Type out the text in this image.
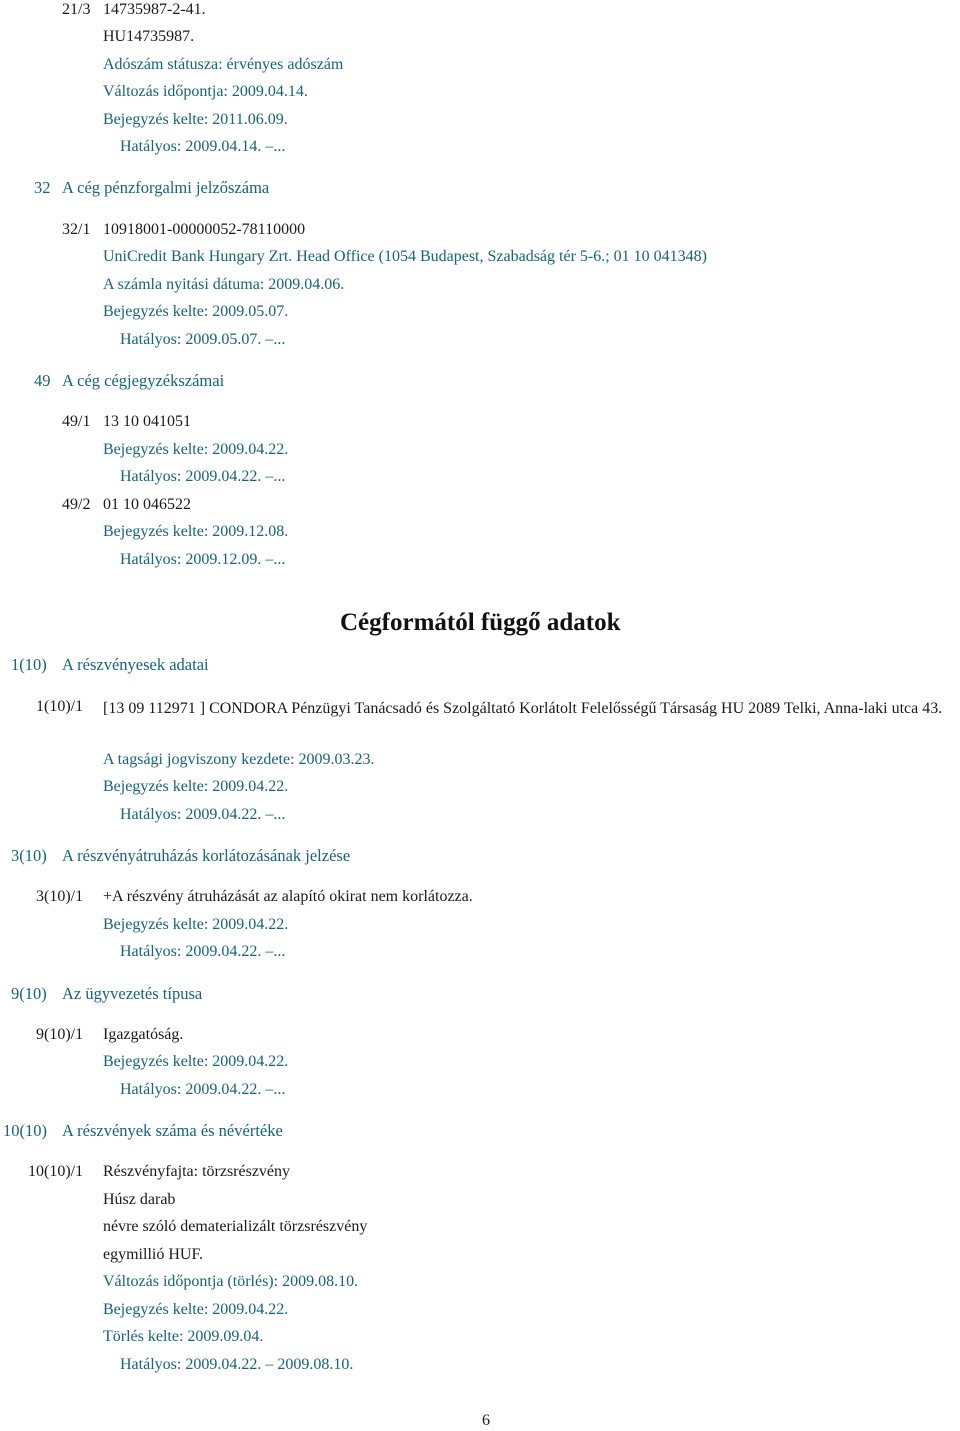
21/3 14735987-2-41.
HU14735987.
Adószám státusza: érvényes adószám
Változás időpontja: 2009.04.14.
Bejegyzés kelte: 2011.06.09.
Hatályos: 2009.04.14. –...
32 A cég pénzforgalmi jelzőszáma
32/1 10918001-00000052-78110000
UniCredit Bank Hungary Zrt. Head Office (1054 Budapest, Szabadság tér 5-6.; 01 10 041348)
A számla nyitási dátuma: 2009.04.06.
Bejegyzés kelte: 2009.05.07.
Hatályos: 2009.05.07. –...
49 A cég cégjegyzékszámai
49/1 13 10 041051
Bejegyzés kelte: 2009.04.22.
Hatályos: 2009.04.22. –...
49/2 01 10 046522
Bejegyzés kelte: 2009.12.08.
Hatályos: 2009.12.09. –...
Cégformától függő adatok
1(10) A részvényesek adatai
1(10)/1 [13 09 112971 ] CONDORA Pénzügyi Tanácsadó és Szolgáltató Korlátolt Felelősségű Társaság HU 2089 Telki, Anna-laki utca 43.
A tagsági jogviszony kezdete: 2009.03.23.
Bejegyzés kelte: 2009.04.22.
Hatályos: 2009.04.22. –...
3(10) A részvényátruházás korlátozásának jelzése
3(10)/1 +A részvény átruházását az alapító okirat nem korlátozza.
Bejegyzés kelte: 2009.04.22.
Hatályos: 2009.04.22. –...
9(10) Az ügyvezetés típusa
9(10)/1 Igazgatóság.
Bejegyzés kelte: 2009.04.22.
Hatályos: 2009.04.22. –...
10(10) A részvények száma és névértéke
10(10)/1 Részvényfajta: törzsrészvény
Húsz darab
névre szóló dematerializált törzsrészvény
egymillió HUF.
Változás időpontja (törlés): 2009.08.10.
Bejegyzés kelte: 2009.04.22.
Törlés kelte: 2009.09.04.
Hatályos: 2009.04.22. – 2009.08.10.
6
